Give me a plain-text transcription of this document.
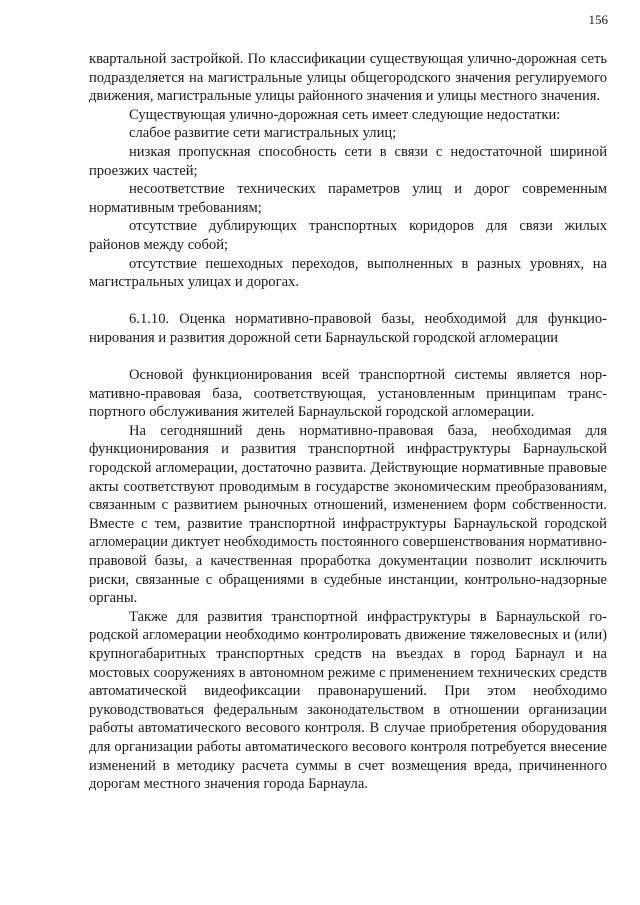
156

квартальной застройкой. По классификации существующая улично-дорожная сеть подразделяется на магистральные улицы общегородского значения регулируемого движения, магистральные улицы районного значения и улицы местного значения.

Существующая улично-дорожная сеть имеет следующие недостатки:

слабое развитие сети магистральных улиц;

низкая пропускная способность сети в связи с недостаточной шириной проезжих частей;

несоответствие технических параметров улиц и дорог современным нормативным требованиям;

отсутствие дублирующих транспортных коридоров для связи жилых районов между собой;

отсутствие пешеходных переходов, выполненных в разных уровнях, на магистральных улицах и дорогах.

6.1.10. Оценка нормативно-правовой базы, необходимой для функционирования и развития дорожной сети Барнаульской городской агломерации

Основой функционирования всей транспортной системы является нормативно-правовая база, соответствующая, установленным принципам транспортного обслуживания жителей Барнаульской городской агломерации.

На сегодняшний день нормативно-правовая база, необходимая для функционирования и развития транспортной инфраструктуры Барнаульской городской агломерации, достаточно развита. Действующие нормативные правовые акты соответствуют проводимым в государстве экономическим преобразованиям, связанным с развитием рыночных отношений, изменением форм собственности. Вместе с тем, развитие транспортной инфраструктуры Барнаульской городской агломерации диктует необходимость постоянного совершенствования нормативно-правовой базы, а качественная проработка документации позволит исключить риски, связанные с обращениями в судебные инстанции, контрольно-надзорные органы.

Также для развития транспортной инфраструктуры в Барнаульской городской агломерации необходимо контролировать движение тяжеловесных и (или) крупногабаритных транспортных средств на въездах в город Барнаул и на мостовых сооружениях в автономном режиме с применением технических средств автоматической видеофиксации правонарушений. При этом необходимо руководствоваться федеральным законодательством в отношении организации работы автоматического весового контроля. В случае приобретения оборудования для организации работы автоматического весового контроля потребуется внесение изменений в методику расчета суммы в счет возмещения вреда, причиненного дорогам местного значения города Барнаула.
